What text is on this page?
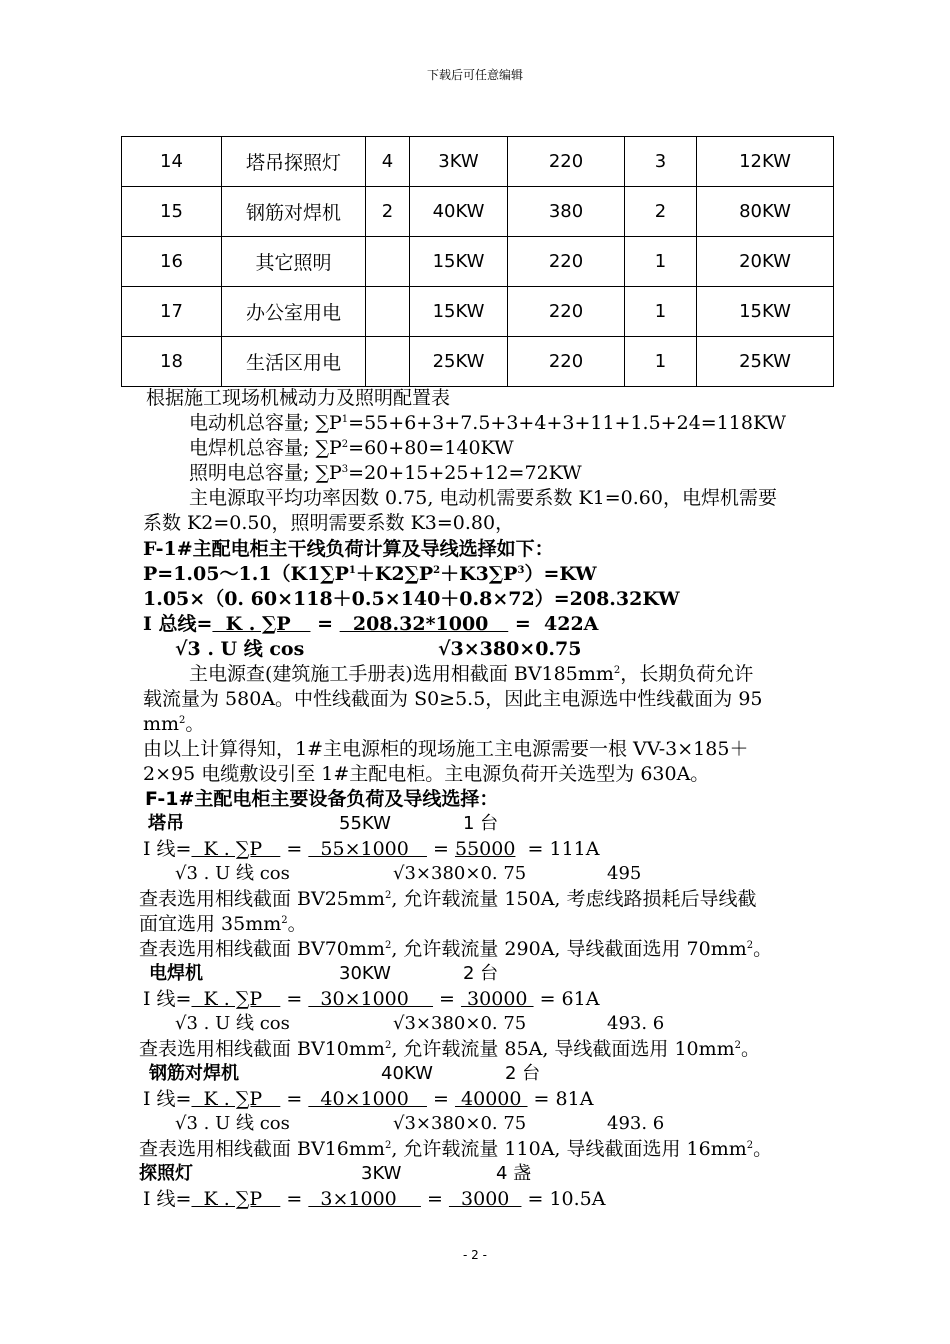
下载后可任意编辑
14	塔吊探照灯	4	3KW	220	3	12KW
15	钢筋对焊机	2	40KW	380	2	80KW
16	其它照明		15KW	220	1	20KW
17	办公室用电		15KW	220	1	15KW
18	生活区用电		25KW	220	1	25KW
根据施工现场机械动力及照明配置表
电动机总容量; $\sum P^1=55+6+3+7.5+3+4+3+11+1.5+24=118KW$
电焊机总容量; $\sum P^2=60+80=140KW$
照明电总容量; $\sum P^3=20+15+25+12=72KW$
主电源取平均功率因数 0.75, 电动机需要系数 K1=0.60，电焊机需要
系数 K2=0.50，照明需要系数 K3=0.80，
F-1#主配电柜主干线负荷计算及导线选择如下：
$P=1.05\sim 1.1(K1\sum P^1+K2\sum P^2+K3\sum P^3)=KW$
1.05×（0. 60×118＋0.5×140＋0.8×72）=208.32KW
I 总线=  K . ∑P    =   208.32*1000    =  422A
√3 . U 线 cos	√3×380×0.75
主电源查(建筑施工手册表)选用相截面 $BV185mm^2$，长期负荷允许
载流量为 580A。中性线截面为 S0≥5.5，因此主电源选中性线截面为 95
$mm^2$。
由以上计算得知，1#主电源柜的现场施工主电源需要一根 VV-3×185＋
2×95 电缆敷设引至 1#主配电柜。主电源负荷开关选型为 630A。
F-1#主配电柜主要设备负荷及导线选择：
塔吊	55KW	1 台
I 线=  K . ∑P    =   55×1000    = 55000  = 111A
√3 . U 线 cos	√3×380×0. 75	495
查表选用相线截面 $BV25mm^2$, 允许载流量 150A, 考虑线路损耗后导线截
面宜选用 $35mm^2$。
查表选用相线截面 $BV70mm^2$, 允许载流量 290A, 导线截面选用 $70mm^2$。
电焊机	30KW	2 台
I 线=  K . ∑P    =   30×1000     =  30000  = 61A
√3 . U 线 cos	√3×380×0. 75	493. 6
查表选用相线截面 $BV10mm^2$, 允许载流量 85A, 导线截面选用 $10mm^2$。
钢筋对焊机	40KW	2 台
I 线=  K . ∑P    =   40×1000    =  40000  = 81A
√3 . U 线 cos	√3×380×0. 75	493. 6
查表选用相线截面 $BV16mm^2$, 允许载流量 110A, 导线截面选用 $16mm^2$。
探照灯	3KW	4 盏
I 线=  K . ∑P    =   3×1000     =   3000   = 10.5A
- 2 -
